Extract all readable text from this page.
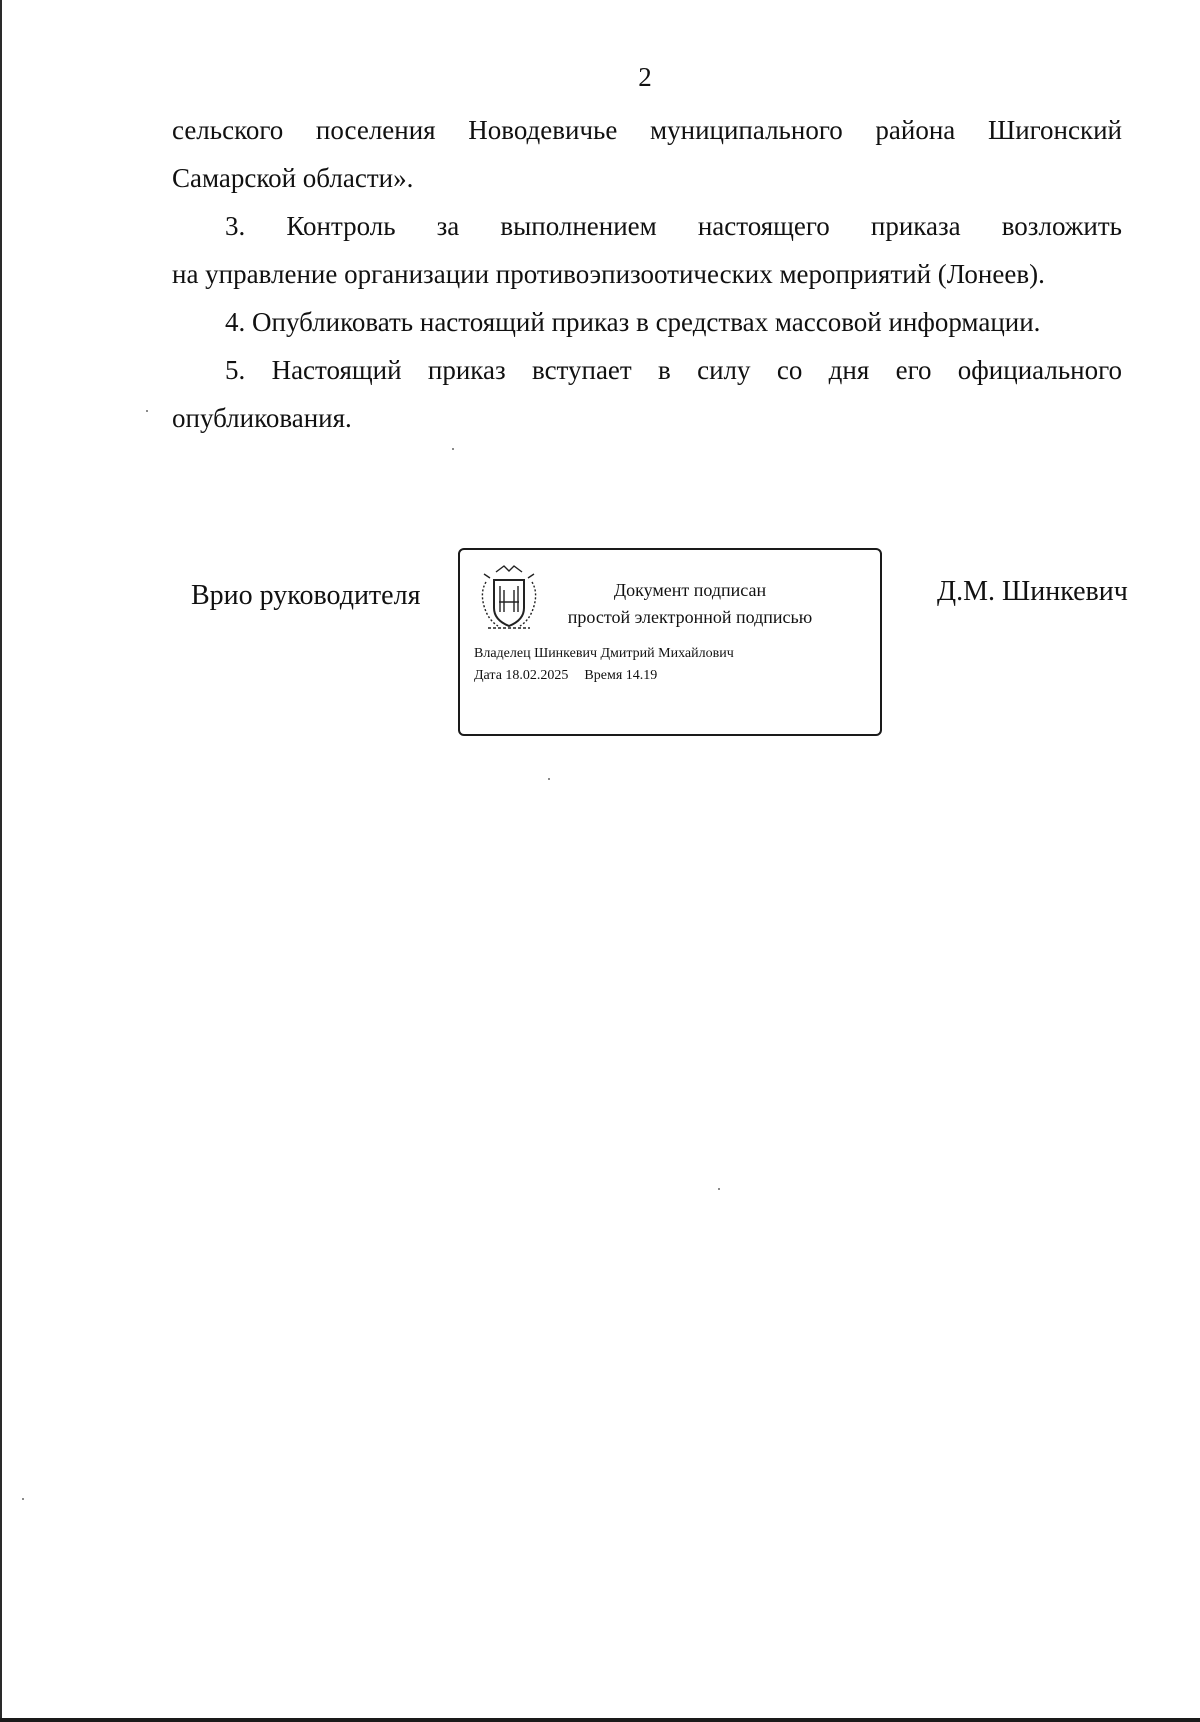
2
сельского поселения Новодевичье муниципального района Шигонский
Самарской области».
3. Контроль за выполнением настоящего приказа возложить
на управление организации противоэпизоотических мероприятий (Лонеев).
4. Опубликовать настоящий приказ в средствах массовой информации.
5. Настоящий приказ вступает в силу со дня его официального
опубликования.
Врио руководителя	Документ подписан
простой электронной подписью
Владелец Шинкевич Дмитрий Михайлович
Дата 18.02.2025 Время 14.19
Д.М. Шинкевич
